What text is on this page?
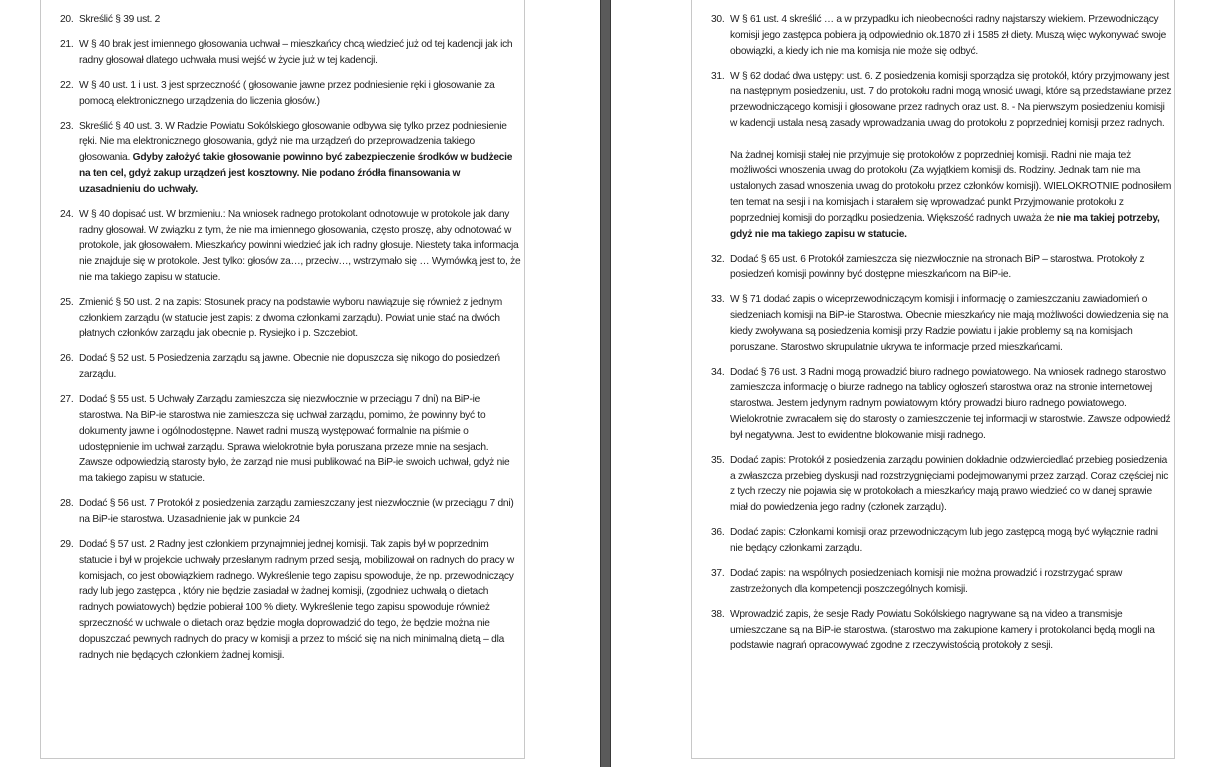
20. Skreślić § 39 ust. 2

21. W § 40 brak jest imiennego głosowania uchwał – mieszkańcy chcą wiedzieć już od tej kadencji jak ich radny głosował dlatego uchwała musi wejść w życie już w tej kadencji.

22. W § 40 ust. 1 i ust. 3 jest sprzeczność ( głosowanie jawne przez podniesienie ręki i głosowanie za pomocą elektronicznego urządzenia do liczenia głosów.)

23. Skreślić § 40 ust. 3. W Radzie Powiatu Sokólskiego głosowanie odbywa się tylko przez podniesienie ręki. Nie ma elektronicznego głosowania, gdyż nie ma urządzeń do przeprowadzenia takiego głosowania. Gdyby założyć takie głosowanie powinno być zabezpieczenie środków w budżecie na ten cel, gdyż zakup urządzeń jest kosztowny. Nie podano źródła finansowania w uzasadnieniu do uchwały.

24. W § 40 dopisać ust. W brzmieniu.: Na wniosek radnego protokolant odnotowuje w protokole jak dany radny głosował. W związku z tym, że nie ma imiennego głosowania, często proszę, aby odnotować w protokole, jak głosowałem. Mieszkańcy powinni wiedzieć jak ich radny głosuje. Niestety taka informacja nie znajduje się w protokole. Jest tylko: głosów za…, przeciw…, wstrzymało się … Wymówką jest to, że nie ma takiego zapisu w statucie.

25. Zmienić § 50 ust. 2 na zapis: Stosunek pracy na podstawie wyboru nawiązuje się również z jednym członkiem zarządu (w statucie jest zapis: z dwoma członkami zarządu). Powiat unie stać na dwóch płatnych członków zarządu jak obecnie p. Rysiejko i p. Szczebiot.

26. Dodać § 52 ust. 5 Posiedzenia zarządu są jawne. Obecnie nie dopuszcza się nikogo do posiedzeń zarządu.

27. Dodać § 55 ust. 5 Uchwały Zarządu zamieszcza się niezwłocznie w przeciągu 7 dni) na BiP-ie starostwa. Na BiP-ie starostwa nie zamieszcza się uchwał zarządu, pomimo, że powinny być to dokumenty jawne i ogólnodostępne. Nawet radni muszą występować formalnie na piśmie o udostępnienie im uchwał zarządu. Sprawa wielokrotnie była poruszana przeze mnie na sesjach. Zawsze odpowiedzią starosty było, że zarząd nie musi publikować na BiP-ie swoich uchwał, gdyż nie ma takiego zapisu w statucie.

28. Dodać § 56 ust. 7 Protokół z posiedzenia zarządu zamieszczany jest niezwłocznie (w przeciągu 7 dni) na BiP-ie starostwa. Uzasadnienie jak w punkcie 24

29. Dodać § 57 ust. 2 Radny jest członkiem przynajmniej jednej komisji. Tak zapis był w poprzednim statucie i był w projekcie uchwały przesłanym radnym przed sesją, mobilizował on radnych do pracy w komisjach, co jest obowiązkiem radnego. Wykreślenie tego zapisu spowoduje, że np. przewodniczący rady lub jego zastępca , który nie będzie zasiadał w żadnej komisji, (zgodniez uchwałą o dietach radnych powiatowych) będzie pobierał 100 % diety. Wykreślenie tego zapisu spowoduje również sprzeczność w uchwale o dietach oraz będzie mogła doprowadzić do tego, że będzie można nie dopuszczać pewnych radnych do pracy w komisji a przez to mścić się na nich minimalną dietą – dla radnych nie będących członkiem żadnej komisji.

30. W § 61 ust. 4 skreślić … a w przypadku ich nieobecności radny najstarszy wiekiem. Przewodniczący komisji jego zastępca pobiera ją odpowiednio ok.1870 zł i 1585 zł diety. Muszą więc wykonywać swoje obowiązki, a kiedy ich nie ma komisja nie może się odbyć.

31. W § 62 dodać dwa ustępy: ust. 6. Z posiedzenia komisji sporządza się protokół, który przyjmowany jest na następnym posiedzeniu, ust. 7 do protokołu radni mogą wnosić uwagi, które są przedstawiane przez przewodniczącego komisji i głosowane przez radnych oraz ust. 8. - Na pierwszym posiedzeniu komisji w kadencji ustala nesą zasady wprowadzania uwag do protokołu z poprzedniej komisji przez radnych.

Na żadnej komisji stałej nie przyjmuje się protokołów z poprzedniej komisji. Radni nie maja też możliwości wnoszenia uwag do protokołu (Za wyjątkiem komisji ds. Rodziny. Jednak tam nie ma ustalonych zasad wnoszenia uwag do protokołu przez członków komisji). WIELOKROTNIE podnosiłem ten temat na sesji i na komisjach i starałem się wprowadzać punkt Przyjmowanie protokołu z poprzedniej komisji do porządku posiedzenia. Większość radnych uważa że nie ma takiej potrzeby, gdyż nie ma takiego zapisu w statucie.

32. Dodać § 65 ust. 6 Protokół zamieszcza się niezwłocznie na stronach BiP – starostwa. Protokoły z posiedzeń komisji powinny być dostępne mieszkańcom na BiP-ie.

33. W § 71 dodać zapis o wiceprzewodniczącym komisji i informację o zamieszczaniu zawiadomień o siedzeniach komisji na BiP-ie Starostwa. Obecnie mieszkańcy nie mają możliwości dowiedzenia się na kiedy zwoływana są posiedzenia komisji przy Radzie powiatu i jakie problemy są na komisjach poruszane. Starostwo skrupulatnie ukrywa te informacje przed mieszkańcami.

34. Dodać § 76 ust. 3 Radni mogą prowadzić biuro radnego powiatowego. Na wniosek radnego starostwo zamieszcza informację o biurze radnego na tablicy ogłoszeń starostwa oraz na stronie internetowej starostwa. Jestem jedynym radnym powiatowym który prowadzi biuro radnego powiatowego. Wielokrotnie zwracałem się do starosty o zamieszczenie tej informacji w starostwie. Zawsze odpowiedź był negatywna. Jest to ewidentne blokowanie misji radnego.

35. Dodać zapis: Protokół z posiedzenia zarządu powinien dokładnie odzwierciedlać przebieg posiedzenia a zwłaszcza przebieg dyskusji nad rozstrzygnięciami podejmowanymi przez zarząd. Coraz częściej nic z tych rzeczy nie pojawia się w protokołach a mieszkańcy mają prawo wiedzieć co w danej sprawie miał do powiedzenia jego radny (członek zarządu).

36. Dodać zapis: Członkami komisji oraz przewodniczącym lub jego zastępcą mogą być wyłącznie radni nie będący członkami zarządu.

37. Dodać zapis: na wspólnych posiedzeniach komisji nie można prowadzić i rozstrzygać spraw zastrzeżonych dla kompetencji poszczególnych komisji.

38. Wprowadzić zapis, że sesje Rady Powiatu Sokólskiego nagrywane są na video a transmisje umieszczane są na BiP-ie starostwa. (starostwo ma zakupione kamery i protokolanci będą mogli na podstawie nagrań opracowywać zgodne z rzeczywistością protokoły z sesji.
